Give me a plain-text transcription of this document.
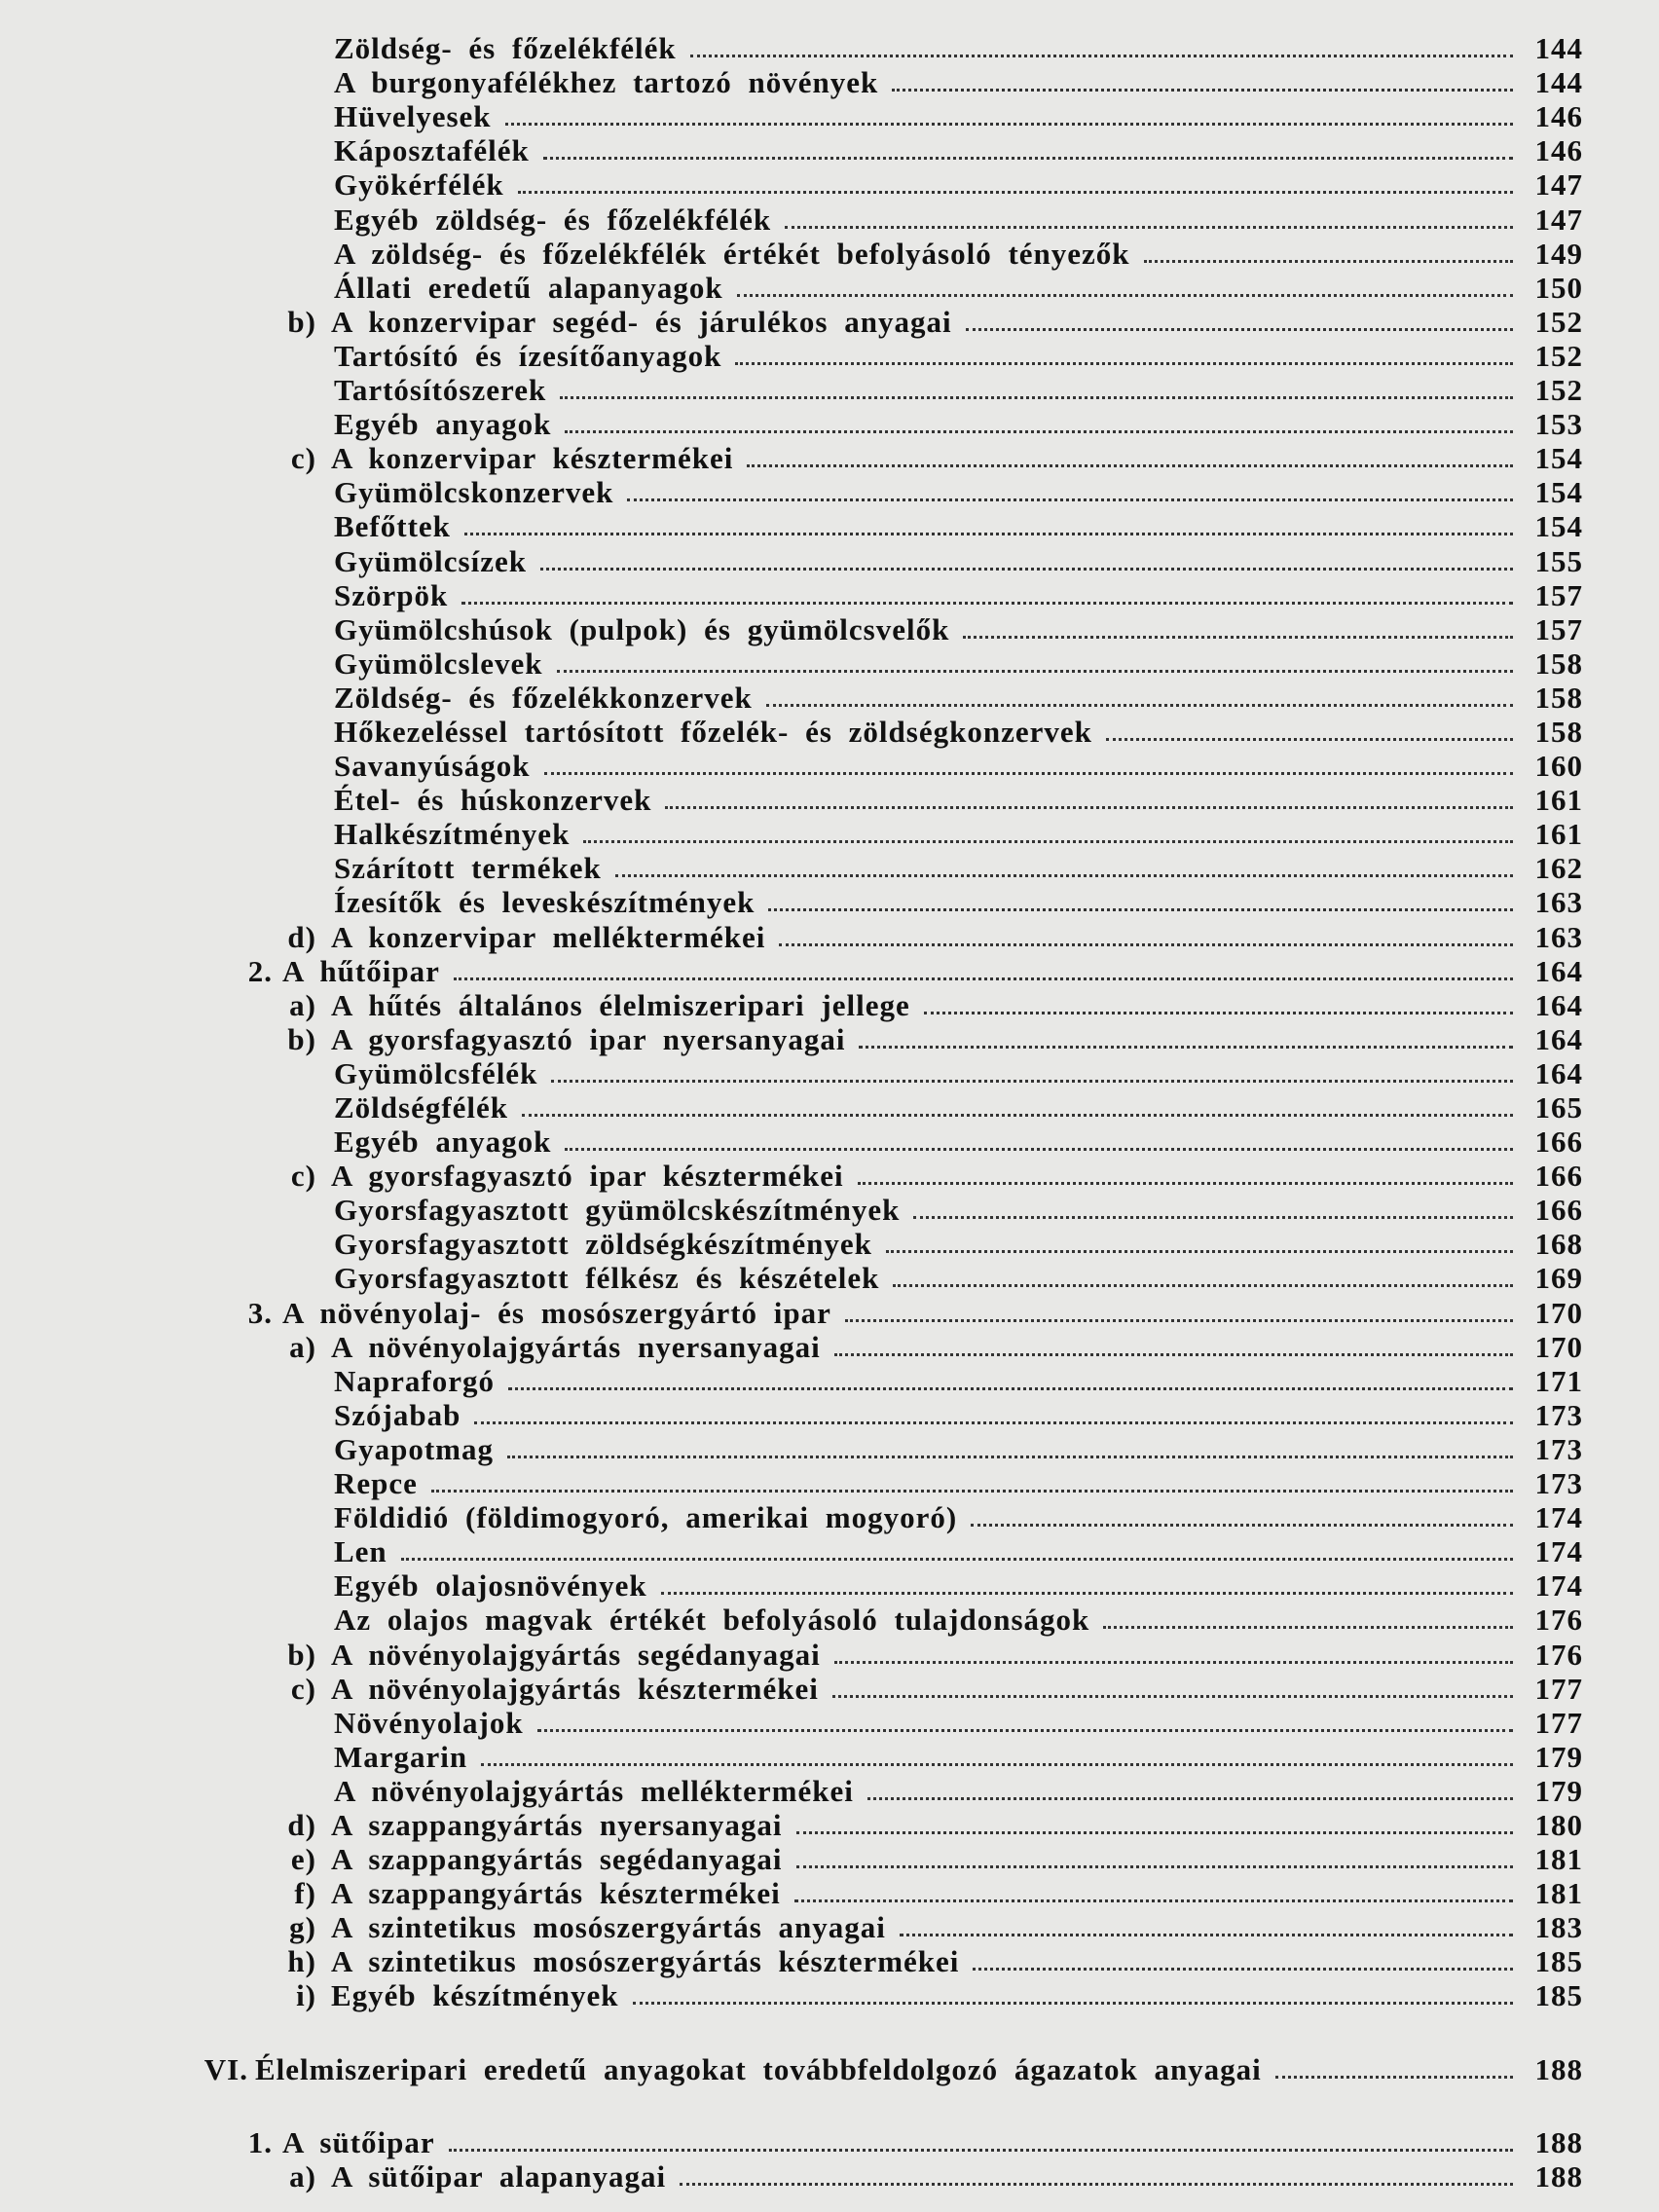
Zöldség- és főzelékfélék	144
A burgonyafélékhez tartozó növények	144
Hüvelyesek	146
Káposztafélék	146
Gyökérfélék	147
Egyéb zöldség- és főzelékfélék	147
A zöldség- és főzelékfélék értékét befolyásoló tényezők	149
Állati eredetű alapanyagok	150
b) A konzervipar segéd- és járulékos anyagai	152
Tartósító és ízesítőanyagok	152
Tartósítószerek	152
Egyéb anyagok	153
c) A konzervipar késztermékei	154
Gyümölcskonzervek	154
Befőttek	154
Gyümölcsízek	155
Szörpök	157
Gyümölcshúsok (pulpok) és gyümölcsvelők	157
Gyümölcslevek	158
Zöldség- és főzelékkonzervek	158
Hőkezeléssel tartósított főzelék- és zöldségkonzervek	158
Savanyúságok	160
Étel- és húskonzervek	161
Halkészítmények	161
Szárított termékek	162
Ízesítők és leveskészítmények	163
d) A konzervipar melléktermékei	163
2. A hűtőipar	164
a) A hűtés általános élelmiszeripari jellege	164
b) A gyorsfagyasztó ipar nyersanyagai	164
Gyümölcsfélék	164
Zöldségfélék	165
Egyéb anyagok	166
c) A gyorsfagyasztó ipar késztermékei	166
Gyorsfagyasztott gyümölcskészítmények	166
Gyorsfagyasztott zöldségkészítmények	168
Gyorsfagyasztott félkész és készételek	169
3. A növényolaj- és mosószergyártó ipar	170
a) A növényolajgyártás nyersanyagai	170
Napraforgó	171
Szójabab	173
Gyapotmag	173
Repce	173
Földidió (földimogyoró, amerikai mogyoró)	174
Len	174
Egyéb olajosnövények	174
Az olajos magvak értékét befolyásoló tulajdonságok	176
b) A növényolajgyártás segédanyagai	176
c) A növényolajgyártás késztermékei	177
Növényolajok	177
Margarin	179
A növényolajgyártás melléktermékei	179
d) A szappangyártás nyersanyagai	180
e) A szappangyártás segédanyagai	181
f) A szappangyártás késztermékei	181
g) A szintetikus mosószergyártás anyagai	183
h) A szintetikus mosószergyártás késztermékei	185
i) Egyéb készítmények	185
VI. Élelmiszeripari eredetű anyagokat továbbfeldolgozó ágazatok anyagai	188
1. A sütőipar	188
a) A sütőipar alapanyagai	188
